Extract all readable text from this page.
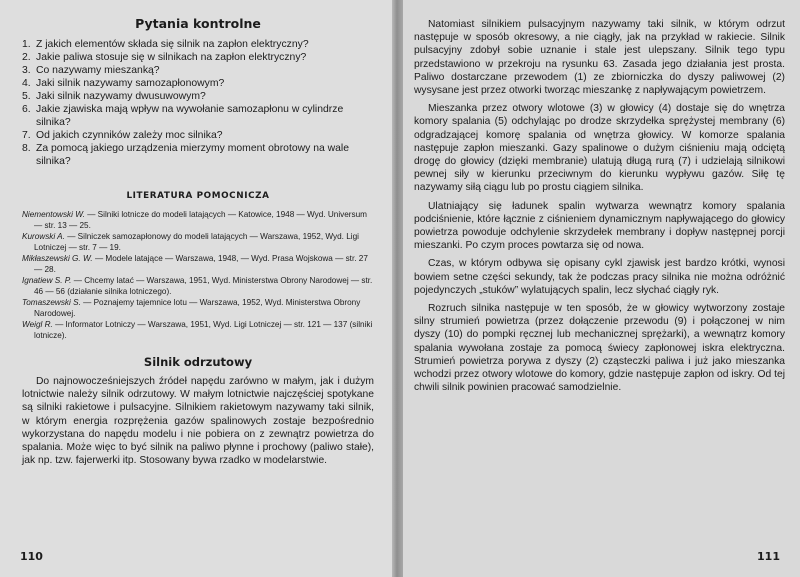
Pytania kontrolne
1. Z jakich elementów składa się silnik na zapłon elektryczny?
2. Jakie paliwa stosuje się w silnikach na zapłon elektryczny?
3. Co nazywamy mieszanką?
4. Jaki silnik nazywamy samozapłonowym?
5. Jaki silnik nazywamy dwusuwowym?
6. Jakie zjawiska mają wpływ na wywołanie samozapłonu w cylindrze silnika?
7. Od jakich czynników zależy moc silnika?
8. Za pomocą jakiego urządzenia mierzymy moment obrotowy na wale silnika?
LITERATURA POMOCNICZA

Niementowski W. — Silniki lotnicze do modeli latających — Katowice, 1948 — Wyd. Universum — str. 13 — 25.

Kurowski A. — Silniczek samozapłonowy do modeli latających — Warszawa, 1952, Wyd. Ligi Lotniczej — str. 7 — 19.

Mikłaszewski G. W. — Modele latające — Warszawa, 1948, — Wyd. Prasa Wojskowa — str. 27 — 28.

Ignatiew S. P. — Chcemy latać — Warszawa, 1951, Wyd. Ministerstwa Obrony Narodowej — str. 46 — 56 (działanie silnika lotniczego).

Tomaszewski S. — Poznajemy tajemnice lotu — Warszawa, 1952, Wyd. Ministerstwa Obrony Narodowej.

Weigl R. — Informator Lotniczy — Warszawa, 1951, Wyd. Ligi Lotniczej — str. 121 — 137 (silniki lotnicze).

Silnik odrzutowy

Do najnowocześniejszych źródeł napędu zarówno w małym, jak i dużym lotnictwie należy silnik odrzutowy. W małym lotnictwie najczęściej spotykane są silniki rakietowe i pulsacyjne. Silnikiem rakietowym nazywamy taki silnik, w którym energia rozprężenia gazów spalinowych zostaje bezpośrednio wykorzystana do napędu modelu i nie pobiera on z zewnątrz powietrza do spalania. Może więc to być silnik na paliwo płynne i prochowy (paliwo stałe), jak np. tzw. fajerwerki itp. Stosowany bywa rzadko w modelarstwie.

110

Natomiast silnikiem pulsacyjnym nazywamy taki silnik, w którym odrzut następuje w sposób okresowy, a nie ciągły, jak na przykład w rakiecie. Silnik pulsacyjny zdobył sobie uznanie i stale jest ulepszany. Silnik tego typu przedstawiono w przekroju na rysunku 63. Zasada jego działania jest prosta. Paliwo dostarczane przewodem (1) ze zbiorniczka do dyszy paliwowej (2) wysysane jest przez otworki tworząc mieszankę z napływającym powietrzem.

Mieszanka przez otwory wlotowe (3) w głowicy (4) dostaje się do wnętrza komory spalania (5) odchylając po drodze skrzydełka sprężystej membrany (6) odgradzającej komorę spalania od wnętrza głowicy. W komorze spalania następuje zapłon mieszanki. Gazy spalinowe o dużym ciśnieniu mają odciętą drogę do głowicy (dzięki membranie) ulatują długą rurą (7) i udzielają silnikowi pewnej siły w kierunku przeciwnym do kierunku wypływu gazów. Siłę tę nazywamy siłą ciągu lub po prostu ciągiem silnika.

Ulatniający się ładunek spalin wytwarza wewnątrz komory spalania podciśnienie, które łącznie z ciśnieniem dynamicznym napływającego do głowicy powietrza powoduje odchylenie skrzydełek membrany i dopływ następnej porcji mieszanki. Po czym proces powtarza się od nowa.

Czas, w którym odbywa się opisany cykl zjawisk jest bardzo krótki, wynosi bowiem setne części sekundy, tak że podczas pracy silnika nie można odróżnić pojedynczych „stuków” wylatujących spalin, lecz słychać ciągły ryk.

Rozruch silnika następuje w ten sposób, że w głowicy wytworzony zostaje silny strumień powietrza (przez dołączenie przewodu (9) i połączonej w nim dyszy (10) do pompki ręcznej lub mechanicznej sprężarki), a wewnątrz komory spalania wywołana zostaje za pomocą świecy zapłonowej iskra elektryczna. Strumień powietrza porywa z dyszy (2) cząsteczki paliwa i już jako mieszanka wchodzi przez otwory wlotowe do komory, gdzie następuje zapłon od iskry. Od tej chwili silnik powinien pracować samodzielnie.

111
